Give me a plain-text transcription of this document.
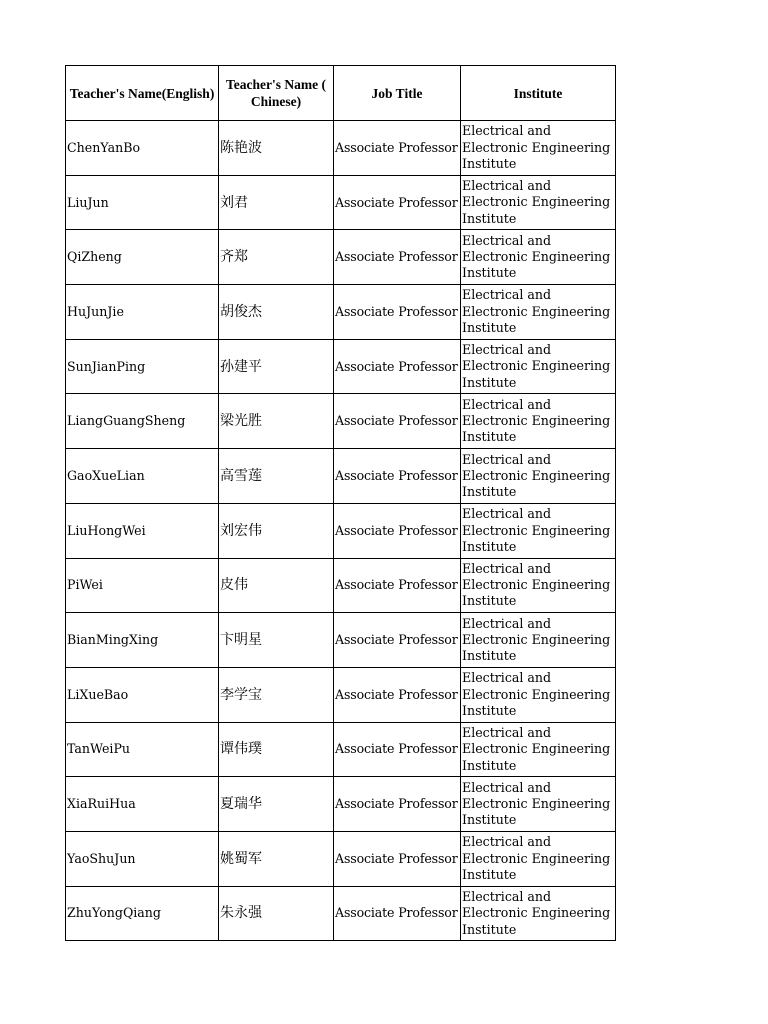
Teacher's Name(English)	Teacher's Name ( Chinese)	Job Title	Institute
ChenYanBo	陈艳波	Associate Professor	Electrical and
Electronic Engineering
Institute

LiuJun	刘君	Associate Professor	Electrical and
Electronic Engineering
Institute

QiZheng	齐郑	Associate Professor	Electrical and
Electronic Engineering
Institute

HuJunJie	胡俊杰	Associate Professor	Electrical and
Electronic Engineering
Institute

SunJianPing	孙建平	Associate Professor	Electrical and
Electronic Engineering
Institute

LiangGuangSheng	梁光胜	Associate Professor	Electrical and
Electronic Engineering
Institute

GaoXueLian	高雪莲	Associate Professor	Electrical and
Electronic Engineering
Institute

LiuHongWei	刘宏伟	Associate Professor	Electrical and
Electronic Engineering
Institute

PiWei	皮伟	Associate Professor	Electrical and
Electronic Engineering
Institute

BianMingXing	卞明星	Associate Professor	Electrical and
Electronic Engineering
Institute

LiXueBao	李学宝	Associate Professor	Electrical and
Electronic Engineering
Institute

TanWeiPu	谭伟璞	Associate Professor	Electrical and
Electronic Engineering
Institute

XiaRuiHua	夏瑞华	Associate Professor	Electrical and
Electronic Engineering
Institute

YaoShuJun	姚蜀军	Associate Professor	Electrical and
Electronic Engineering
Institute

ZhuYongQiang	朱永强	Associate Professor	Electrical and
Electronic Engineering
Institute
